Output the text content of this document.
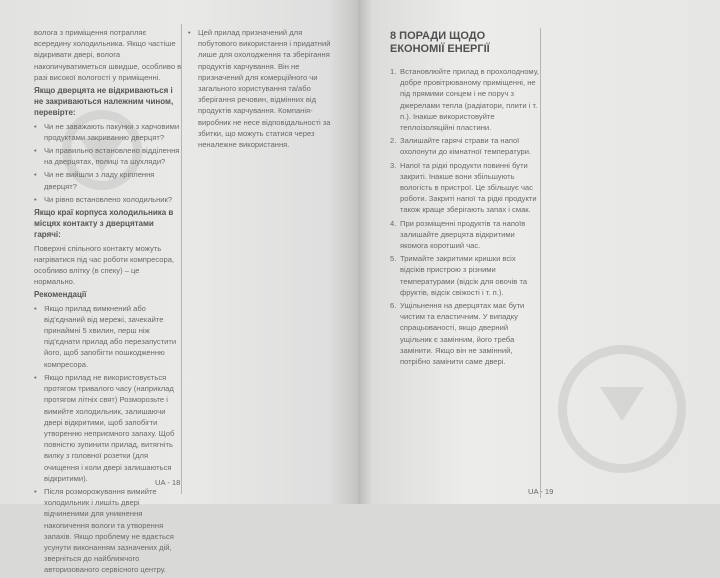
волога з приміщення потрапляє всередину холодильника. Якщо частіше відкривати двері, волога накопичуватиметься швидше, особливо в разі високої вологості у приміщенні.

Якщо дверцята не відкриваються і не закриваються належним чином, перевірте:

• Чи не заважають пакунки з харчовими продуктами закриванню дверцят?
• Чи правильно встановлено відділення на дверцятах, полиці та шухляди?
• Чи не вийшли з ладу кріплення дверцят?
• Чи рівно встановлено холодильник?

Якщо краї корпуса холодильника в місцях контакту з дверцятами гарячі:

Поверхні спільного контакту можуть нагріватися під час роботи компресора, особливо влітку (в спеку) – це нормально.

Рекомендації

• Якщо прилад вимкнений або від'єднаний від мережі, зачекайте принаймні 5 хвилин, перш ніж під'єднати прилад або перезапустити його, щоб запобігти пошкодженню компресора.
• Якщо прилад не використовується протягом тривалого часу (наприклад протягом літніх свят) Розморозьте і вимийте холодильник, залишаючи двері відкритими, щоб запобігти утворенню неприємного запаху. Щоб повністю зупинити прилад, витягніть вилку з головної розетки (для очищення і коли двері залишаються відкритими).
• Після розморожування вимийте холодильник і лишіть двері відчиненими для уникнення накопичення вологи та утворення запахів. Якщо проблему не вдається усунути виконанням зазначених дій, зверніться до найближчого авторизованого сервісного центру.
• Цей прилад призначений для побутового використання і придатний лише для охолодження та зберігання продуктів харчування. Він не призначений для комерційного чи загального користування та/або зберігання речовин, відмінних від продуктів харчування. Компанія-виробник не несе відповідальності за збитки, що можуть статися через неналежне використання.
UA - 18
8 ПОРАДИ ЩОДО ЕКОНОМІЇ ЕНЕРГІЇ
1. Встановлюйте прилад в прохолодному, добре провітрюваному приміщенні, не під прямими сонцем і не поруч з джерелами тепла (радіатори, плити і т. п.). Інакше використовуйте теплоізоляційні пластини.
2. Залишайте гарячі страви та напої охолонути до кімнатної температури.
3. Напої та рідкі продукти повинні бути закриті. Інакше вони збільшують вологість в пристрої. Це збільшує час роботи. Закриті напої та рідкі продукти також краще зберігають запах і смак.
4. При розміщенні продуктів та напоїв залишайте дверцята відкритими якомога коротший час.
5. Тримайте закритими кришки всіх відсіків пристрою з різними температурами (відсік для овочів та фруктів, відсік свіжості і т. п.).
6. Ущільнення на дверцятах має бути чистим та еластичним. У випадку спрацьованості, якщо дверний ущільник є замінним, його треба замінити. Якщо він не замінний, потрібно замінити саме двері.
UA - 19
